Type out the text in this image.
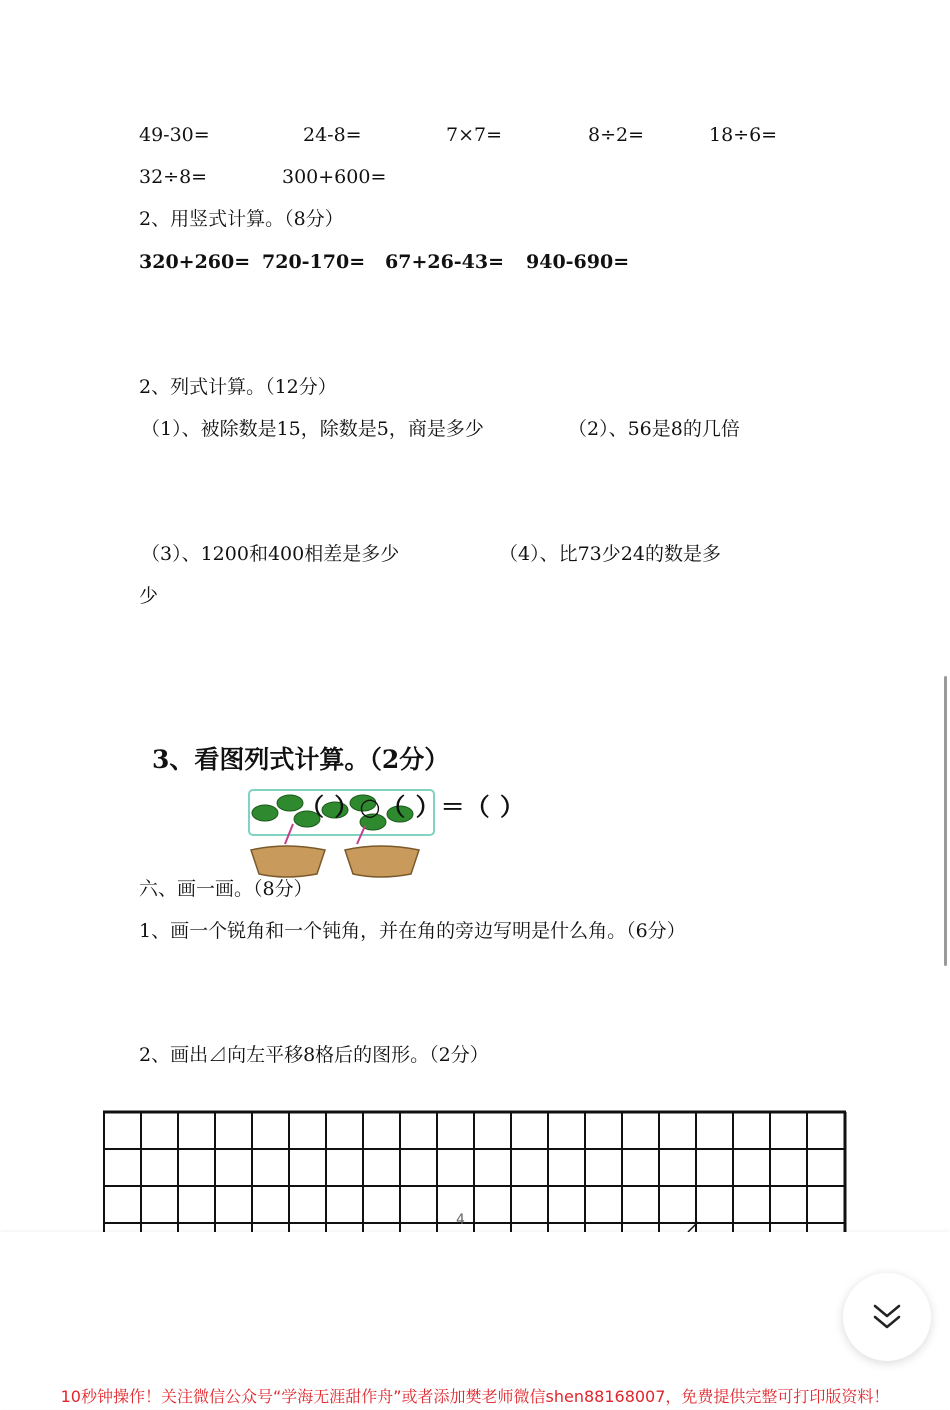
49-30=	24-8=	7×7=	8÷2=	18÷6=
32÷8=	300+600=
2、用竖式计算。（8分）
320+260= 720-170= 67+26-43= 940-690=
2、列式计算。（12分）
（1）、被除数是15，除数是5，商是多少	（2）、56是8的几倍
（3）、1200和400相差是多少	（4）、比73少24的数是多
少
3、看图列式计算。（2分）
（ ）○（ ）＝（ ）
六、画一画。（8分）
1、画一个锐角和一个钝角，并在角的旁边写明是什么角。（6分）
2、画出⊿向左平移8格后的图形。（2分）
4
10秒钟操作！关注微信公众号“学海无涯甜作舟”或者添加樊老师微信shen88168007，免费提供完整可打印版资料！
